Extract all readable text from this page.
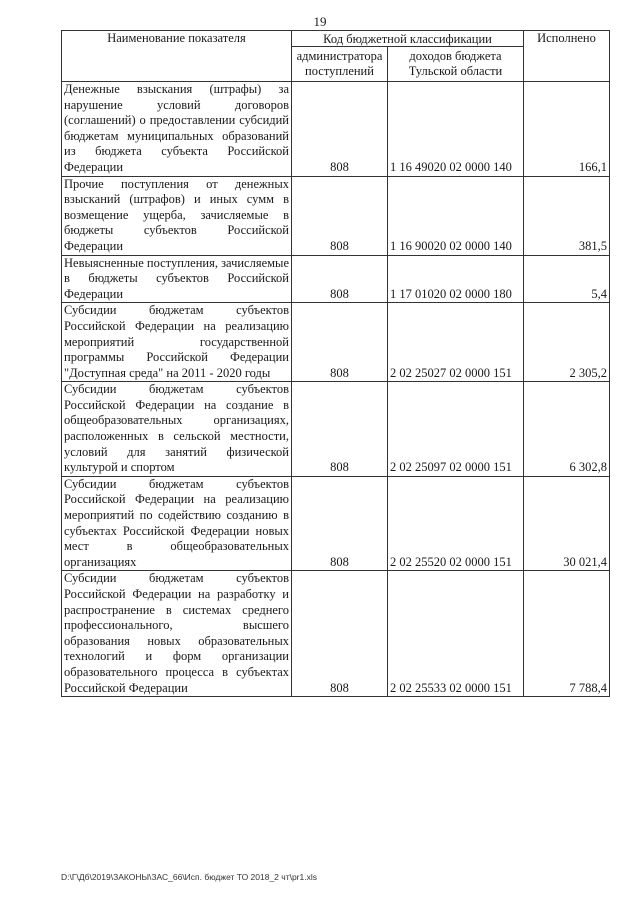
19
Наименование показателя	Код бюджетной классификации		Исполнено
	администратора поступлений	доходов бюджета Тульской области	
Денежные взыскания (штрафы) за нарушение условий договоров (соглашений) о предоставлении субсидий бюджетам муниципальных образований из бюджета субъекта Российской Федерации	808	1 16 49020 02 0000 140	166,1
Прочие поступления от денежных взысканий (штрафов) и иных сумм в возмещение ущерба, зачисляемые в бюджеты субъектов Российской Федерации	808	1 16 90020 02 0000 140	381,5
Невыясненные поступления, зачисляемые в бюджеты субъектов Российской Федерации	808	1 17 01020 02 0000 180	5,4
Субсидии бюджетам субъектов Российской Федерации на реализацию мероприятий государственной программы Российской Федерации "Доступная среда" на 2011 - 2020 годы	808	2 02 25027 02 0000 151	2 305,2
Субсидии бюджетам субъектов Российской Федерации на создание в общеобразовательных организациях, расположенных в сельской местности, условий для занятий физической культурой и спортом	808	2 02 25097 02 0000 151	6 302,8
Субсидии бюджетам субъектов Российской Федерации на реализацию мероприятий по содействию созданию в субъектах Российской Федерации новых мест в общеобразовательных организациях	808	2 02 25520 02 0000 151	30 021,4
Субсидии бюджетам субъектов Российской Федерации на разработку и распространение в системах среднего профессионального, высшего образования новых образовательных технологий и форм организации образовательного процесса в субъектах Российской Федерации	808	2 02 25533 02 0000 151	7 788,4
D:\Г\Дб\2019\ЗАКОНЫ\ЗАС_66\Исп. бюджет ТО 2018_2 чт\pr1.xls
